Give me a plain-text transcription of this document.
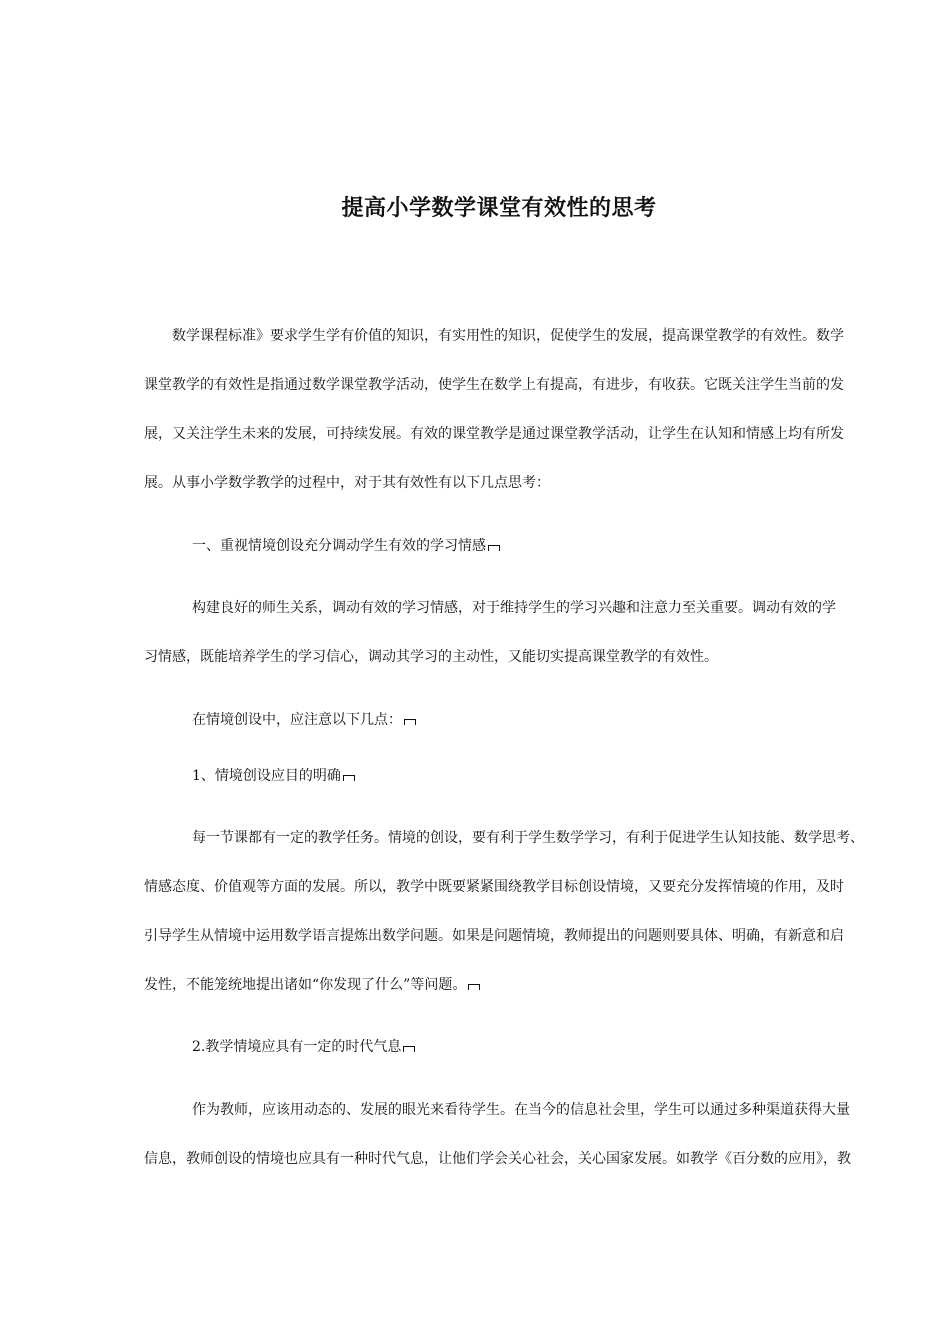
提高小学数学课堂有效性的思考
数学课程标准》要求学生学有价值的知识，有实用性的知识，促使学生的发展，提高课堂教学的有效性。数学
课堂教学的有效性是指通过数学课堂教学活动，使学生在数学上有提高，有进步，有收获。它既关注学生当前的发
展，又关注学生未来的发展，可持续发展。有效的课堂教学是通过课堂教学活动，让学生在认知和情感上均有所发
展。从事小学数学教学的过程中，对于其有效性有以下几点思考：
一、重视情境创设充分调动学生有效的学习情感
构建良好的师生关系，调动有效的学习情感，对于维持学生的学习兴趣和注意力至关重要。调动有效的学
习情感，既能培养学生的学习信心，调动其学习的主动性，又能切实提高课堂教学的有效性。
在情境创设中，应注意以下几点：
1、情境创设应目的明确
每一节课都有一定的教学任务。情境的创设，要有利于学生数学学习，有利于促进学生认知技能、数学思考、
情感态度、价值观等方面的发展。所以，教学中既要紧紧围绕教学目标创设情境，又要充分发挥情境的作用，及时
引导学生从情境中运用数学语言提炼出数学问题。如果是问题情境，教师提出的问题则要具体、明确，有新意和启
发性，不能笼统地提出诸如“你发现了什么”等问题。
2.教学情境应具有一定的时代气息
作为教师，应该用动态的、发展的眼光来看待学生。在当今的信息社会里，学生可以通过多种渠道获得大量
信息，教师创设的情境也应具有一种时代气息，让他们学会关心社会，关心国家发展。如教学《百分数的应用》，教
